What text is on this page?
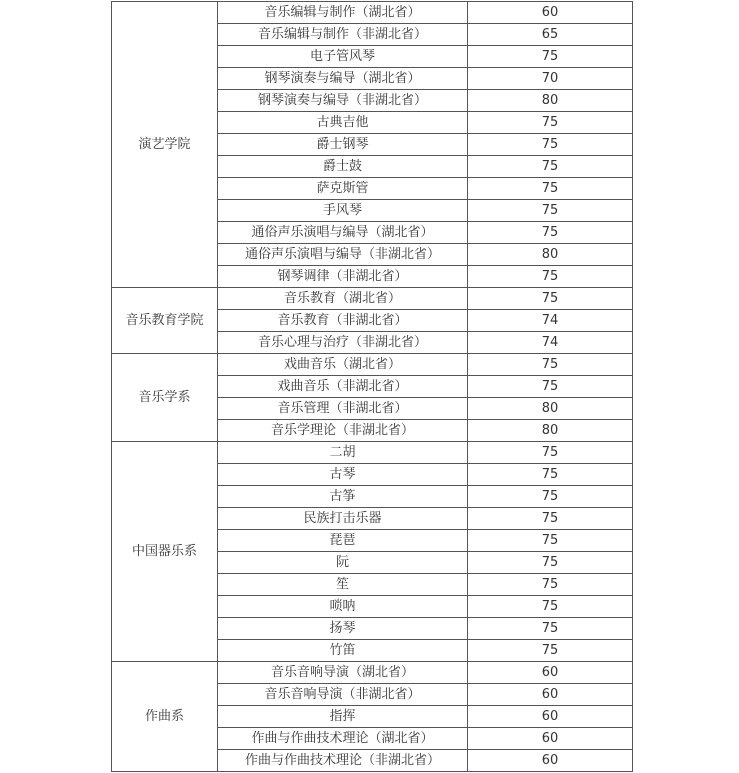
演艺学院	音乐编辑与制作（湖北省）	60
	音乐编辑与制作（非湖北省）	65
	电子管风琴	75
	钢琴演奏与编导（湖北省）	70
	钢琴演奏与编导（非湖北省）	80
	古典吉他	75
	爵士钢琴	75
	爵士鼓	75
	萨克斯管	75
	手风琴	75
	通俗声乐演唱与编导（湖北省）	75
	通俗声乐演唱与编导（非湖北省）	80
	钢琴调律（非湖北省）	75
音乐教育学院	音乐教育（湖北省）	75
	音乐教育（非湖北省）	74
	音乐心理与治疗（非湖北省）	74
音乐学系	戏曲音乐（湖北省）	75
	戏曲音乐（非湖北省）	75
	音乐管理（非湖北省）	80
	音乐学理论（非湖北省）	80
中国器乐系	二胡	75
	古琴	75
	古筝	75
	民族打击乐器	75
	琵琶	75
	阮	75
	笙	75
	唢呐	75
	扬琴	75
	竹笛	75
作曲系	音乐音响导演（湖北省）	60
	音乐音响导演（非湖北省）	60
	指挥	60
	作曲与作曲技术理论（湖北省）	60
	作曲与作曲技术理论（非湖北省）	60
